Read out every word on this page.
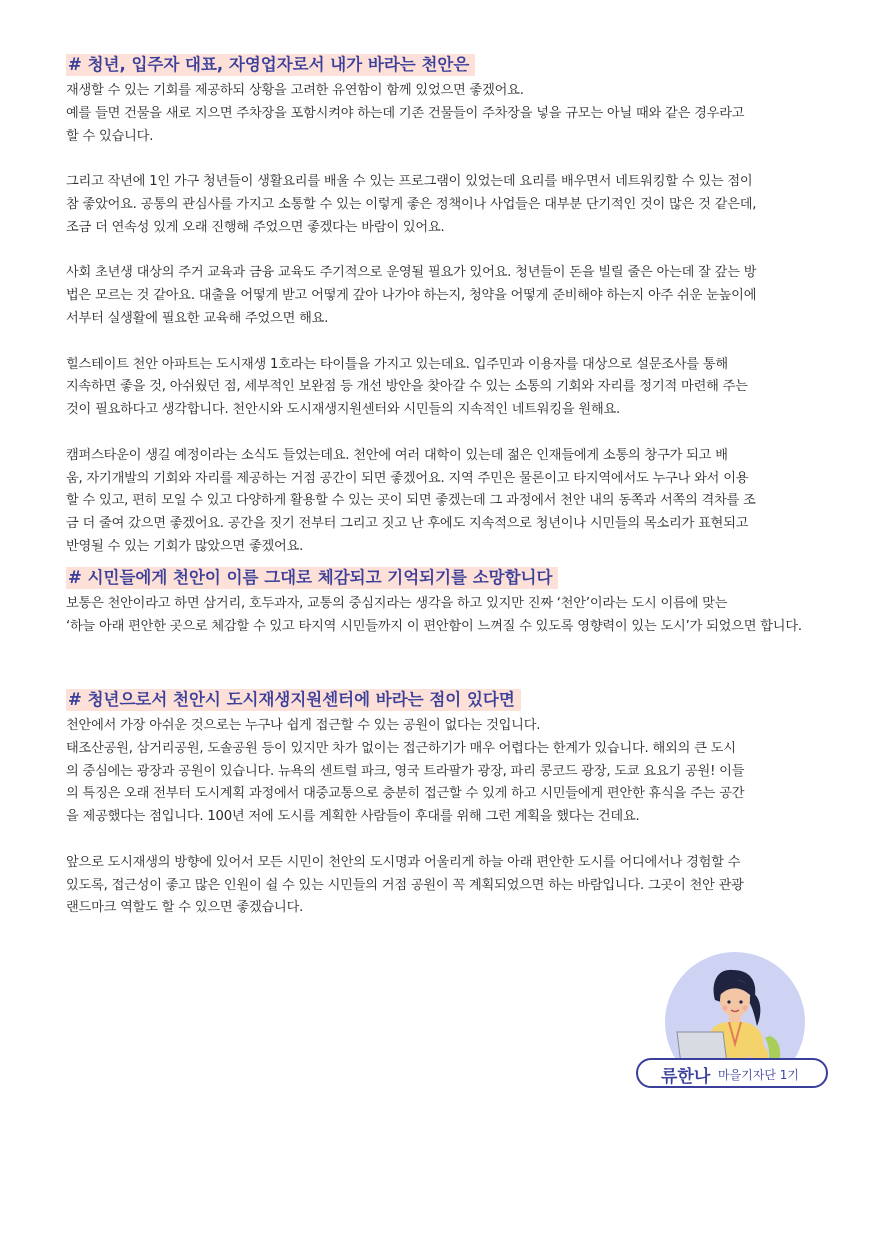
# 청년, 입주자 대표, 자영업자로서 내가 바라는 천안은
재생할 수 있는 기회를 제공하되 상황을 고려한 유연함이 함께 있었으면 좋겠어요.
예를 들면 건물을 새로 지으면 주차장을 포함시켜야 하는데 기존 건물들이 주차장을 넣을 규모는 아닐 때와 같은 경우라고
할 수 있습니다.

그리고 작년에 1인 가구 청년들이 생활요리를 배울 수 있는 프로그램이 있었는데 요리를 배우면서 네트워킹할 수 있는 점이
참 좋았어요. 공통의 관심사를 가지고 소통할 수 있는 이렇게 좋은 정책이나 사업들은 대부분 단기적인 것이 많은 것 같은데,
조금 더 연속성 있게 오래 진행해 주었으면 좋겠다는 바람이 있어요.

사회 초년생 대상의 주거 교육과 금융 교육도 주기적으로 운영될 필요가 있어요. 청년들이 돈을 빌릴 줄은 아는데 잘 갚는 방
법은 모르는 것 같아요. 대출을 어떻게 받고 어떻게 갚아 나가야 하는지, 청약을 어떻게 준비해야 하는지 아주 쉬운 눈높이에
서부터 실생활에 필요한 교육해 주었으면 해요.

힐스테이트 천안 아파트는 도시재생 1호라는 타이틀을 가지고 있는데요. 입주민과 이용자를 대상으로 설문조사를 통해
지속하면 좋을 것, 아쉬웠던 점, 세부적인 보완점 등 개선 방안을 찾아갈 수 있는 소통의 기회와 자리를 정기적 마련해 주는
것이 필요하다고 생각합니다. 천안시와 도시재생지원센터와 시민들의 지속적인 네트워킹을 원해요.

캠퍼스타운이 생길 예정이라는 소식도 들었는데요. 천안에 여러 대학이 있는데 젊은 인재들에게 소통의 창구가 되고 배
움, 자기개발의 기회와 자리를 제공하는 거점 공간이 되면 좋겠어요. 지역 주민은 물론이고 타지역에서도 누구나 와서 이용
할 수 있고, 편히 모일 수 있고 다양하게 활용할 수 있는 곳이 되면 좋겠는데 그 과정에서 천안 내의 동쪽과 서쪽의 격차를 조
금 더 줄여 갔으면 좋겠어요. 공간을 짓기 전부터 그리고 짓고 난 후에도 지속적으로 청년이나 시민들의 목소리가 표현되고
반영될 수 있는 기회가 많았으면 좋겠어요.
# 시민들에게 천안이 이름 그대로 체감되고 기억되기를 소망합니다
보통은 천안이라고 하면 삼거리, 호두과자, 교통의 중심지라는 생각을 하고 있지만 진짜 ‘천안’이라는 도시 이름에 맞는
‘하늘 아래 편안한 곳으로 체감할 수 있고 타지역 시민들까지 이 편안함이 느껴질 수 있도록 영향력이 있는 도시’가 되었으면 합니다.
# 청년으로서 천안시 도시재생지원센터에 바라는 점이 있다면
천안에서 가장 아쉬운 것으로는 누구나 쉽게 접근할 수 있는 공원이 없다는 것입니다.
태조산공원, 삼거리공원, 도솔공원 등이 있지만 차가 없이는 접근하기가 매우 어렵다는 한계가 있습니다. 해외의 큰 도시
의 중심에는 광장과 공원이 있습니다. 뉴욕의 센트럴 파크, 영국 트라팔가 광장, 파리 콩코드 광장, 도쿄 요요기 공원! 이들
의 특징은 오래 전부터 도시계획 과정에서 대중교통으로 충분히 접근할 수 있게 하고 시민들에게 편안한 휴식을 주는 공간
을 제공했다는 점입니다. 100년 저에 도시를 계획한 사람들이 후대를 위해 그런 계획을 했다는 건데요.

앞으로 도시재생의 방향에 있어서 모든 시민이 천안의 도시명과 어울리게 하늘 아래 편안한 도시를 어디에서나 경험할 수
있도록, 접근성이 좋고 많은 인원이 쉴 수 있는 시민들의 거점 공원이 꼭 계획되었으면 하는 바람입니다. 그곳이 천안 관광
랜드마크 역할도 할 수 있으면 좋겠습니다.
류한나 마을기자단 1기
